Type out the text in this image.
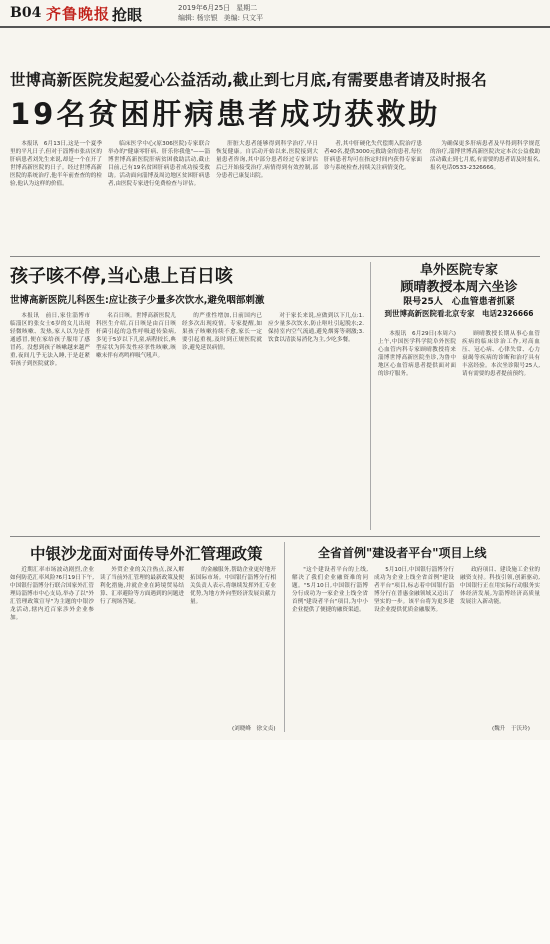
B04 齐鲁晚报 抢眼	2019年6月25日 星期二
编辑: 杨宗银 美编: 只文平
世博高新医院发起爱心公益活动,截止到七月底,有需要患者请及时报名
19名贫困肝病患者成功获救助

本报讯　6月13日,这是一个夏季里的平凡日子,但对于淄博市张店区的肝病患者刘先生来说,却是一个在开了世博高新医院的日子。经过世博高新医院的系统治疗,他半年前查查的的检验,他认为这样的价值。

临床医学中心(原306医院)专家联合举办的"健康零肝病、肝乐你我他"——淄博世博高新医院肝病贫困救助活动,截止目前,已有19名贫困肝病患者成功接受救助。活动面向淄博及周边地区贫困肝病患者,由医院专家进行免费检查与评估。

肝脏大患者能够得到科学治疗,早日恢复健康。自活动开始以来,医院接到大量患者咨询,其中部分患者经过专家评估后已开始接受治疗,病情得到有效控制,部分患者已康复出院。

者,其中肝硬化失代偿期入院治疗患者40名,提供3000元救助金的患者,每位肝病患者均可在指定时间内获得专家面诊与系统检查,持续关注病情变化。

为确保更多肝病患者及早得到科学规范的治疗,淄博世博高新医院决定本次公益救助活动截止到七月底,有需要的患者请及时报名,报名电话0533-2326666。

孩子咳不停,当心患上百日咳
世博高新医院儿科医生:应让孩子少量多次饮水,避免咽部刺激

本报讯　前日,家住淄博市临淄区的张女士6岁的女儿出现轻微咳嗽、发热,家人以为是普通感冒,便在家给孩子服用了感冒药。没想到孩子咳嗽越来越严重,夜间几乎无法入睡,于是赶紧带孩子到医院就诊。

名百日咳。世博高新医院儿科医生介绍,百日咳是由百日咳杆菌引起的急性呼吸道传染病,多见于5岁以下儿童,病程较长,典型症状为阵发性痉挛性咳嗽,咳嗽末伴有鸡鸣样吸气吼声。

的严重性增加,日前国内已经多次出现疫情。专家提醒,如果孩子咳嗽持续不愈,家长一定要引起重视,及时到正规医院就诊,避免延误病情。

对于家长来说,应做到以下几点:1.应少量多次饮水,防止呕吐引起脱水;2.保持室内空气流通,避免烟雾等刺激;3.饮食以清淡易消化为主,少吃多餐。

阜外医院专家
顾晴教授本周六坐诊
限号25人　心血管患者抓紧
到世博高新医院看北京专家　电话2326666

本报讯　6月29日(本周六)上午,中国医学科学院阜外医院心血管内科专家顾晴教授将来淄博世博高新医院坐诊,为鲁中地区心血管病患者提供面对面的诊疗服务。

顾晴教授长期从事心血管疾病的临床诊治工作,对高血压、冠心病、心律失常、心力衰竭等疾病的诊断和治疗具有丰富经验。本次坐诊限号25人,请有需要的患者提前预约。

中银沙龙面对面传导外汇管理政策

近期汇率市场波动剧烈,企业如何防范汇率风险?6月19日下午,中国银行淄博分行联合国家外汇管理局淄博市中心支局,举办了以"外汇管理政策宣导"为主题的中银沙龙活动,辖内近百家涉外企业参加。

外贸企业的关注热点,深入解读了当前外汇管理的最新政策及便利化措施,并就企业在跨境贸易结算、汇率避险等方面遇到的问题进行了现场答疑。

的金融服务,帮助企业更好地开拓国际市场。中国银行淄博分行相关负责人表示,将继续发挥外汇专业优势,为地方外向型经济发展贡献力量。

(刘晓峰　徐文贞)
全省首例"建设者平台"项目上线

"这个建设者平台的上线,解决了我们企业融资难的问题。"5月10日,中国银行淄博分行成功为一家企业上线全省首例"建设者平台"项目,为中小企业提供了便捷的融资渠道。

5月10日,中国银行淄博分行成功为企业上线全省首例"建设者平台"项目,标志着中国银行淄博分行在普惠金融领域又迈出了坚实的一步。该平台将为更多建设企业提供优质金融服务。

政府项目、建设施工企业的融资支持。科技引领,创新驱动,中国银行正在用实际行动服务实体经济发展,为淄博经济高质量发展注入新动能。

(魏升　于沃玲)
